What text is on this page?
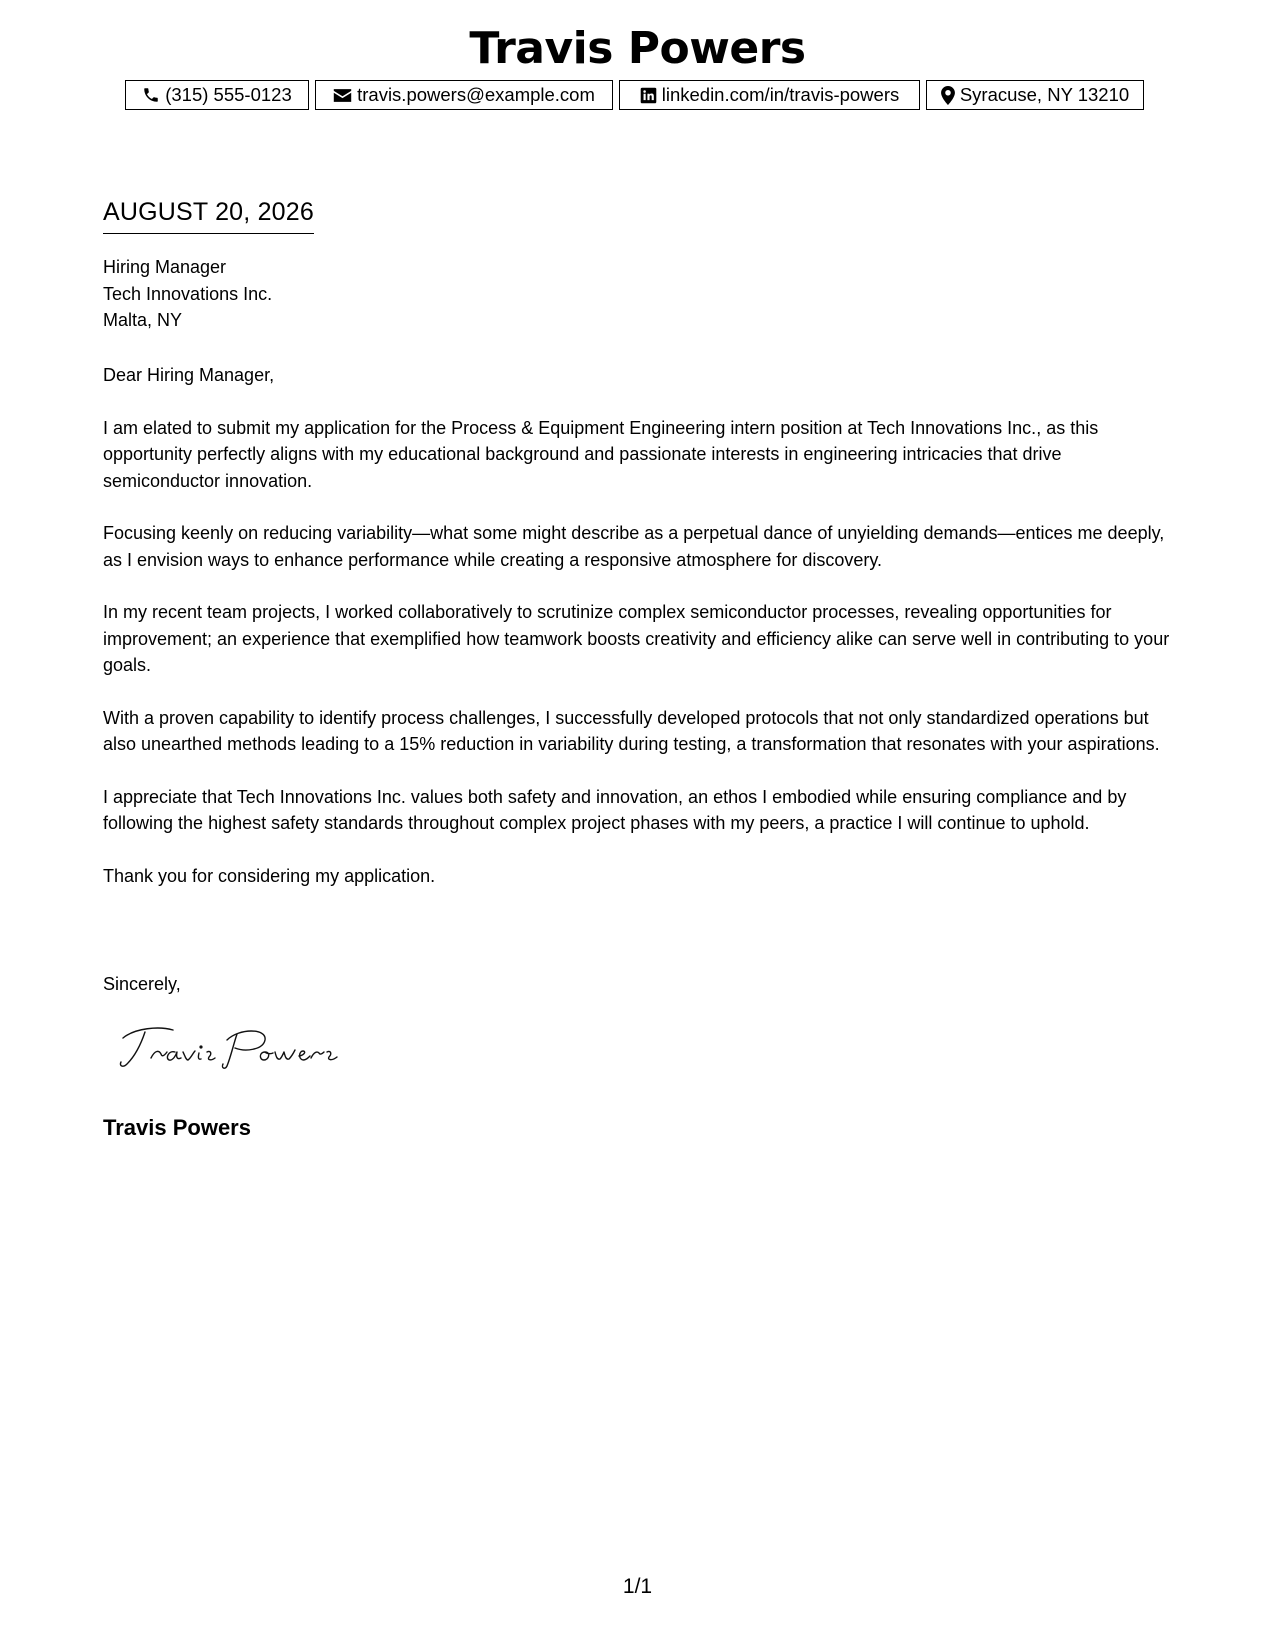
Travis Powers
(315) 555-0123	travis.powers@example.com	linkedin.com/in/travis-powers	Syracuse, NY 13210
AUGUST 20, 2026
Hiring Manager
Tech Innovations Inc.
Malta, NY

Dear Hiring Manager,

I am elated to submit my application for the Process & Equipment Engineering intern position at Tech Innovations Inc., as this opportunity perfectly aligns with my educational background and passionate interests in engineering intricacies that drive semiconductor innovation.

Focusing keenly on reducing variability—what some might describe as a perpetual dance of unyielding demands—entices me deeply, as I envision ways to enhance performance while creating a responsive atmosphere for discovery.

In my recent team projects, I worked collaboratively to scrutinize complex semiconductor processes, revealing opportunities for improvement; an experience that exemplified how teamwork boosts creativity and efficiency alike can serve well in contributing to your goals.

With a proven capability to identify process challenges, I successfully developed protocols that not only standardized operations but also unearthed methods leading to a 15% reduction in variability during testing, a transformation that resonates with your aspirations.

I appreciate that Tech Innovations Inc. values both safety and innovation, an ethos I embodied while ensuring compliance and by following the highest safety standards throughout complex project phases with my peers, a practice I will continue to uphold.

Thank you for considering my application.

Sincerely,
Travis Powers
1/1
